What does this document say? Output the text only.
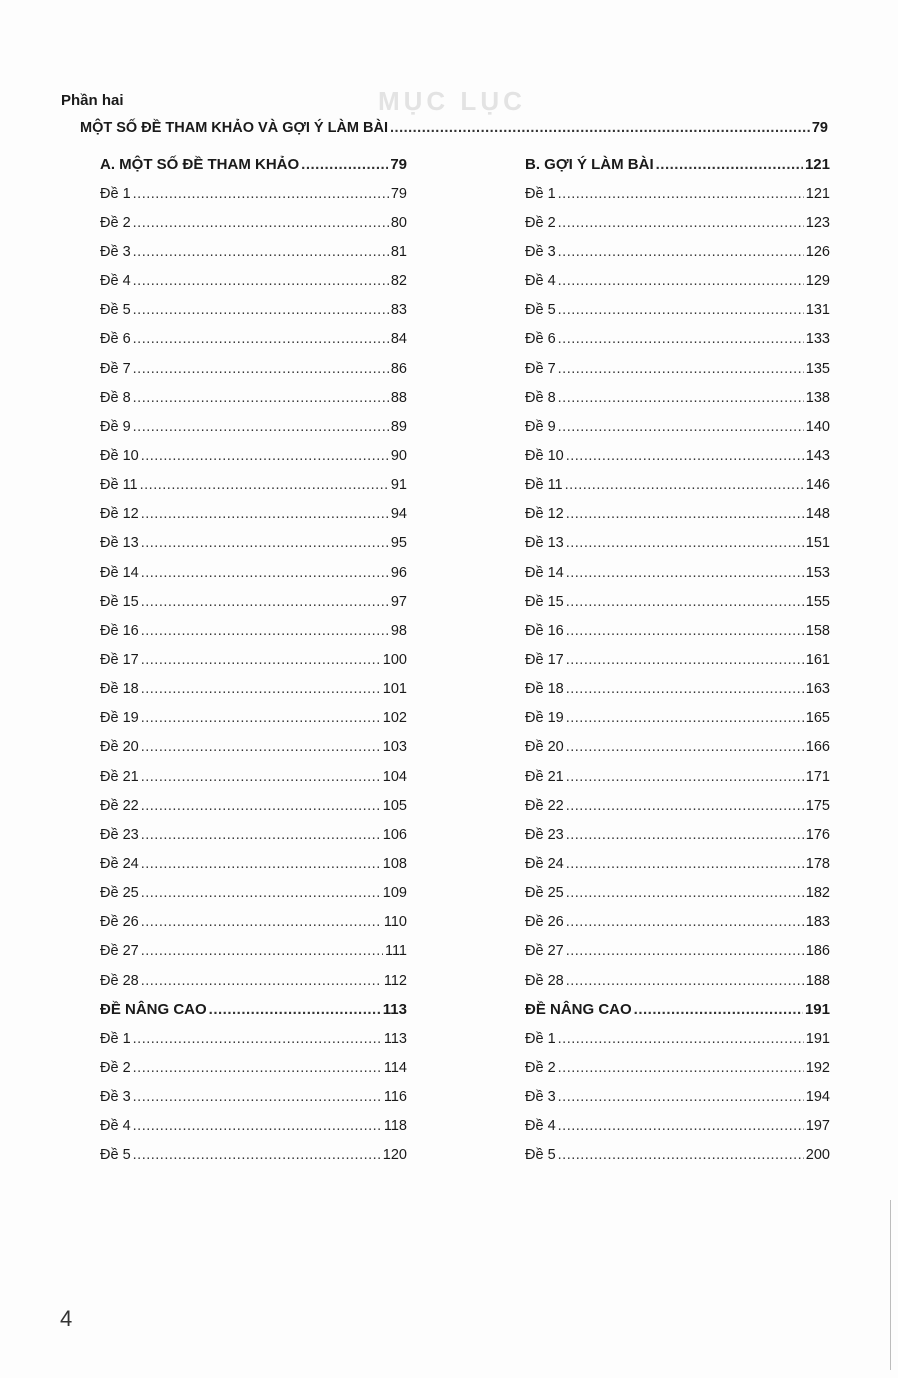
MỤC LỤC
Phần hai
MỘT SỐ ĐỀ THAM KHẢO VÀ GỢI Ý LÀM BÀI .....	79
A. MỘT SỐ ĐỀ THAM KHẢO .....	79
Đề 1 .....	79
Đề 2 .....	80
Đề 3 .....	81
Đề 4 .....	82
Đề 5 .....	83
Đề 6 .....	84
Đề 7 .....	86
Đề 8 .....	88
Đề 9 .....	89
Đề 10 .....	90
Đề 11 .....	91
Đề 12 .....	94
Đề 13 .....	95
Đề 14 .....	96
Đề 15 .....	97
Đề 16 .....	98
Đề 17 .....	100
Đề 18 .....	101
Đề 19 .....	102
Đề 20 .....	103
Đề 21 .....	104
Đề 22 .....	105
Đề 23 .....	106
Đề 24 .....	108
Đề 25 .....	109
Đề 26 .....	110
Đề 27 .....	111
Đề 28 .....	112
ĐỀ NÂNG CAO .....	113
Đề 1 .....	113
Đề 2 .....	114
Đề 3 .....	116
Đề 4 .....	118
Đề 5 .....	120
B. GỢI Ý LÀM BÀI .....	121
Đề 1 .....	121
Đề 2 .....	123
Đề 3 .....	126
Đề 4 .....	129
Đề 5 .....	131
Đề 6 .....	133
Đề 7 .....	135
Đề 8 .....	138
Đề 9 .....	140
Đề 10 .....	143
Đề 11 .....	146
Đề 12 .....	148
Đề 13 .....	151
Đề 14 .....	153
Đề 15 .....	155
Đề 16 .....	158
Đề 17 .....	161
Đề 18 .....	163
Đề 19 .....	165
Đề 20 .....	166
Đề 21 .....	171
Đề 22 .....	175
Đề 23 .....	176
Đề 24 .....	178
Đề 25 .....	182
Đề 26 .....	183
Đề 27 .....	186
Đề 28 .....	188
ĐỀ NÂNG CAO .....	191
Đề 1 .....	191
Đề 2 .....	192
Đề 3 .....	194
Đề 4 .....	197
Đề 5 .....	200
4
